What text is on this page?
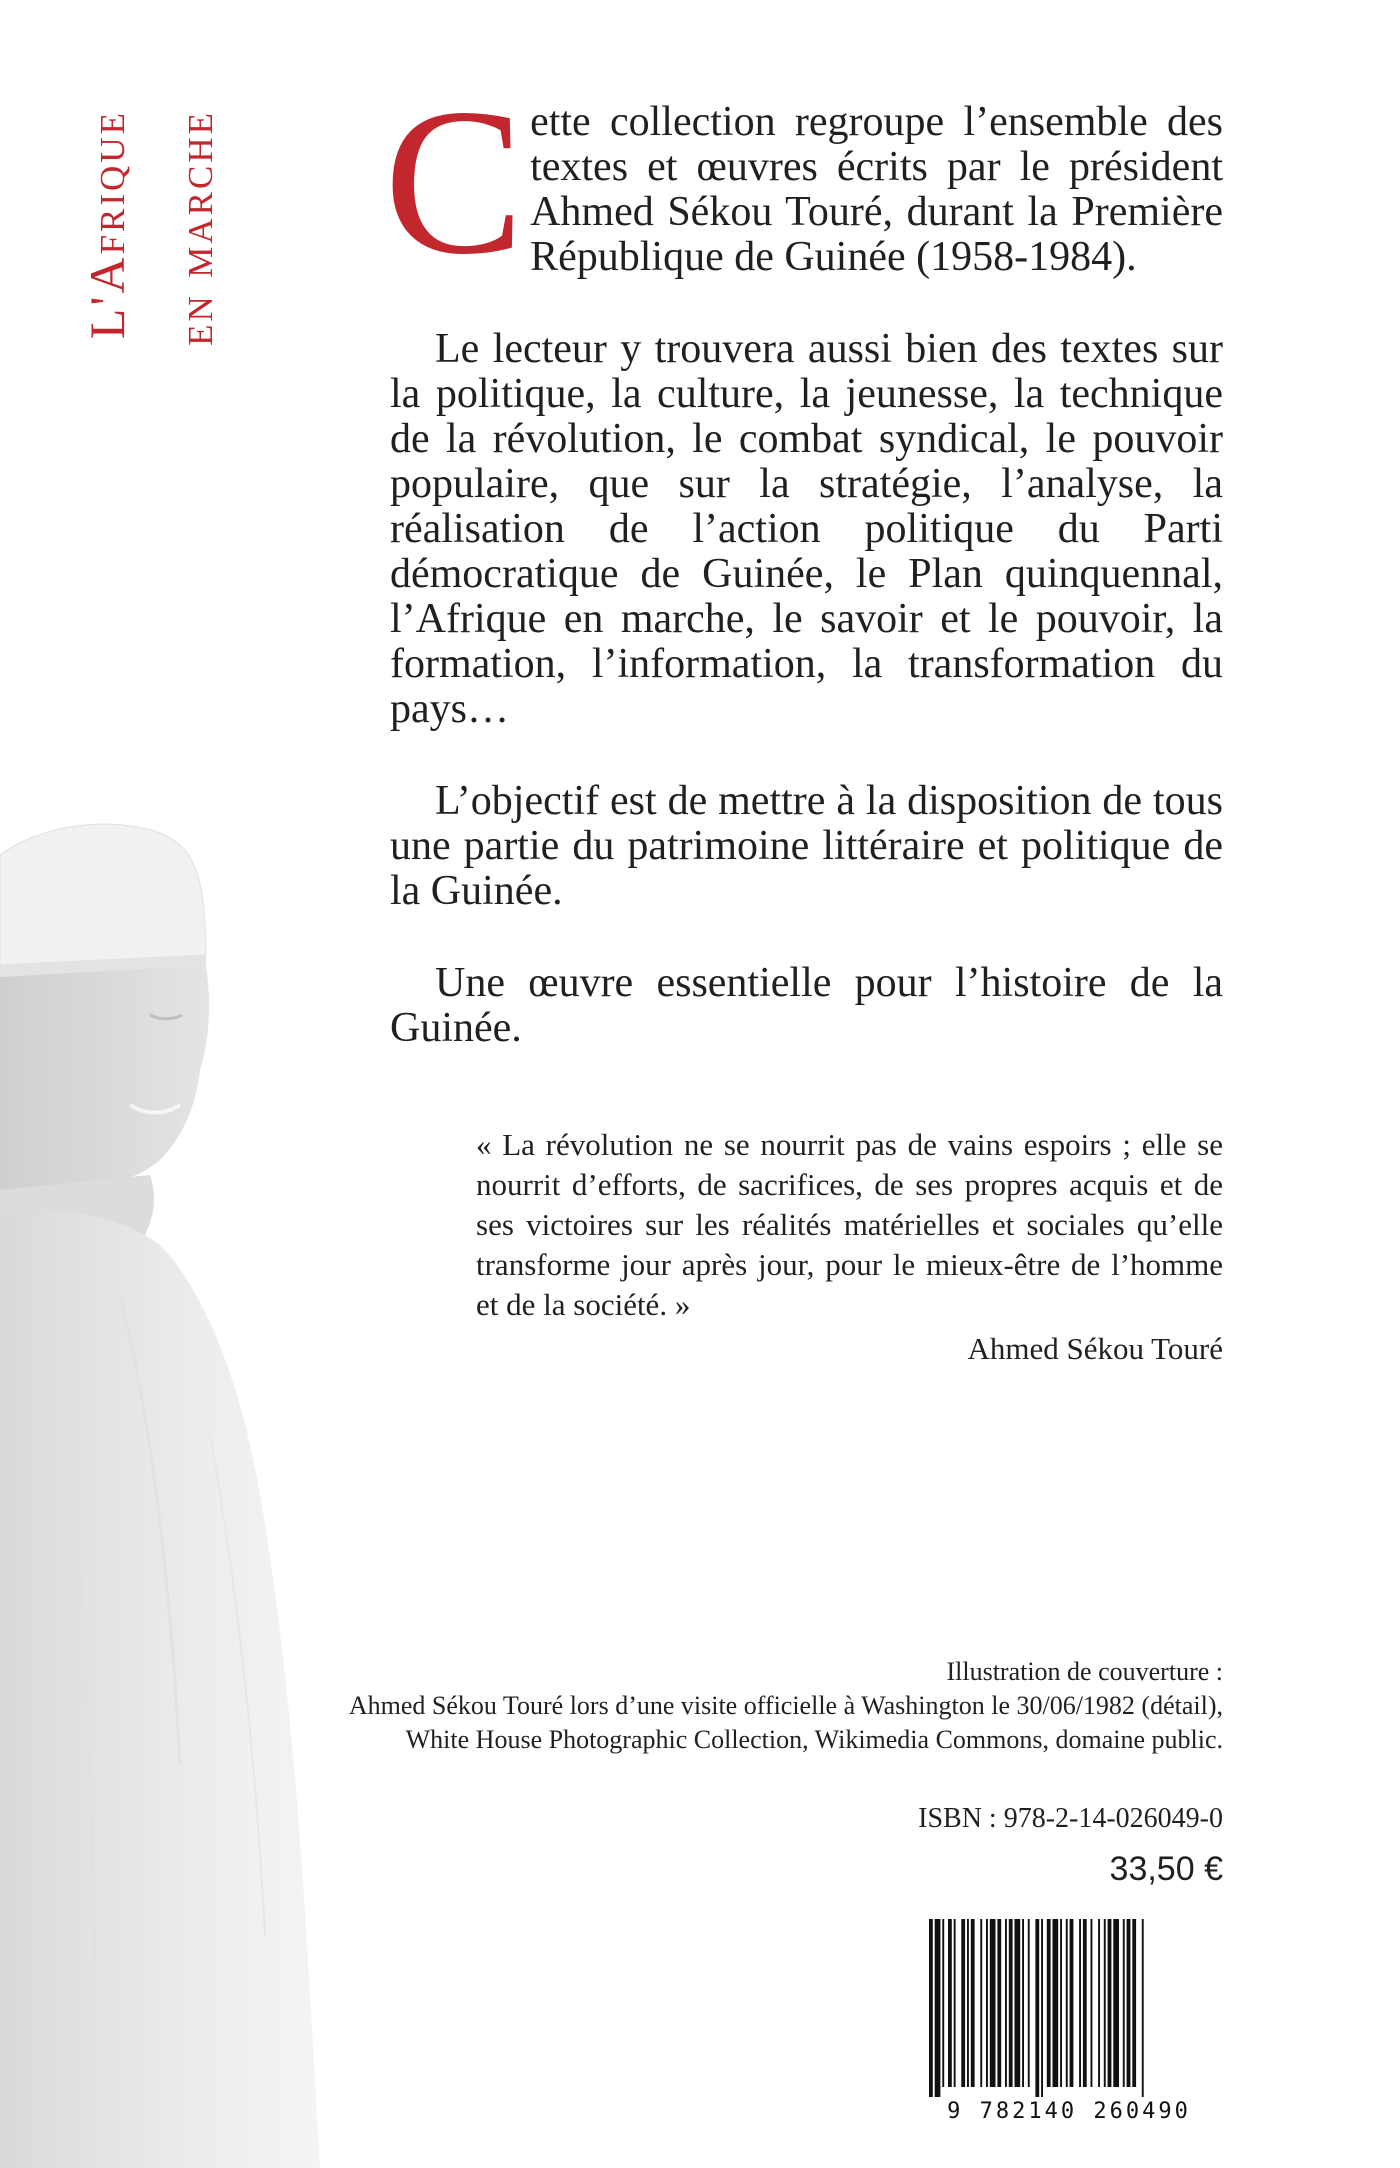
L'Afrique en marche Cette collection regroupe l’ensemble des textes et œuvres écrits par le président Ahmed Sékou Touré, durant la Première République de Guinée (1958-1984).

Le lecteur y trouvera aussi bien des textes sur la politique, la culture, la jeunesse, la technique de la révolution, le combat syndical, le pouvoir populaire, que sur la stratégie, l’analyse, la réalisation de l’action politique du Parti démocratique de Guinée, le Plan quinquennal, l’Afrique en marche, le savoir et le pouvoir, la formation, l’information, la transformation du pays…

L’objectif est de mettre à la disposition de tous une partie du patrimoine littéraire et politique de la Guinée.

Une œuvre essentielle pour l’histoire de la Guinée.

« La révolution ne se nourrit pas de vains espoirs ; elle se nourrit d’efforts, de sacrifices, de ses propres acquis et de ses victoires sur les réalités matérielles et sociales qu’elle transforme jour après jour, pour le mieux-être de l’homme et de la société. »

Ahmed Sékou Touré

Illustration de couverture :

Ahmed Sékou Touré lors d’une visite officielle à Washington le 30/06/1982 (détail),

White House Photographic Collection, Wikimedia Commons, domaine public.

ISBN : 978-2-14-026049-0
33,50 €
9 782140 260490
